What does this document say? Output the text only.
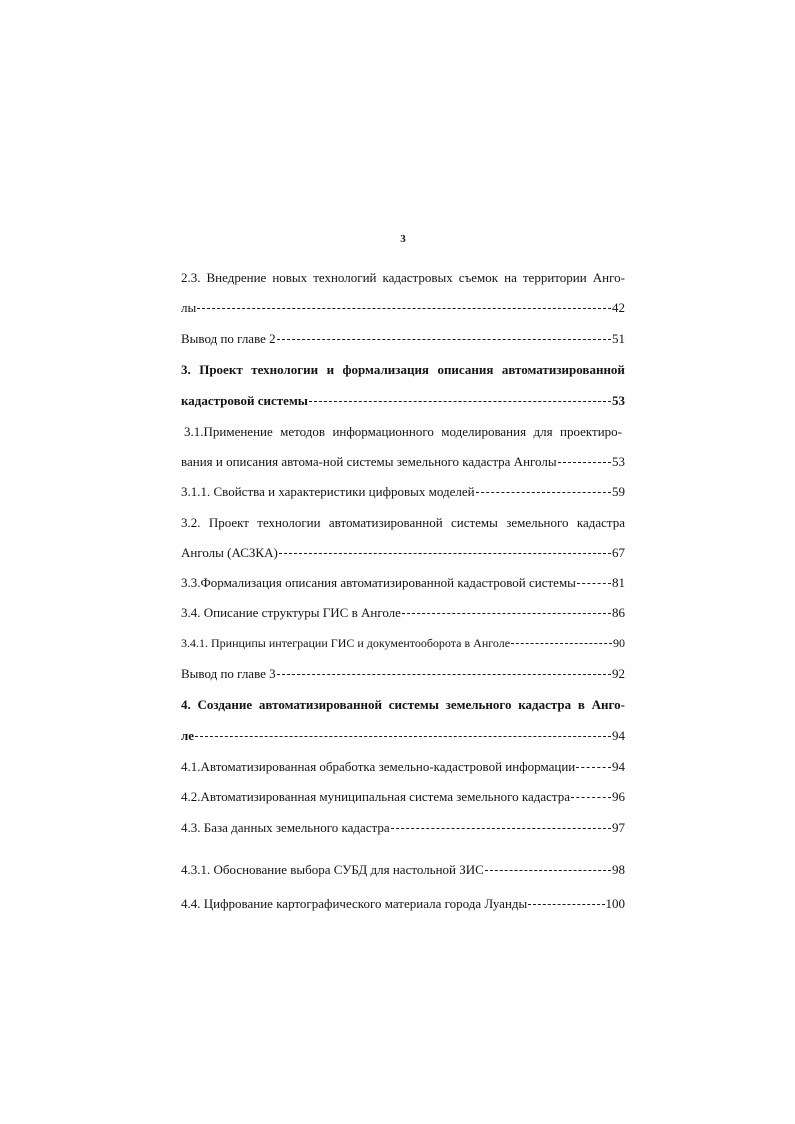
3
2.3. Внедрение новых технологий кадастровых съемок на территории Анго-
лы	42
Вывод по главе 2	51
3. Проект технологии и формализация описания автоматизированной
кадастровой системы	53
3.1.Применение методов информационного моделирования для проектиро-
вания и описания автома-ной системы земельного кадастра Анголы	53
3.1.1. Свойства и характеристики цифровых моделей	59
3.2. Проект технологии автоматизированной системы земельного кадастра
Анголы (АСЗКА)	67
3.3.Формализация описания автоматизированной кадастровой системы	81
3.4. Описание структуры ГИС в Анголе	86
3.4.1. Принципы интеграции ГИС и документооборота в Анголе	90
Вывод по главе 3	92
4. Создание автоматизированной системы земельного кадастра в Анго-
ле	94
4.1.Автоматизированная обработка земельно-кадастровой информации	94
4.2.Автоматизированная муниципальная система земельного кадастра	96
4.3. База данных земельного кадастра	97
4.3.1. Обоснование выбора СУБД для настольной ЗИС	98
4.4. Цифрование картографического материала города Луанды	100
